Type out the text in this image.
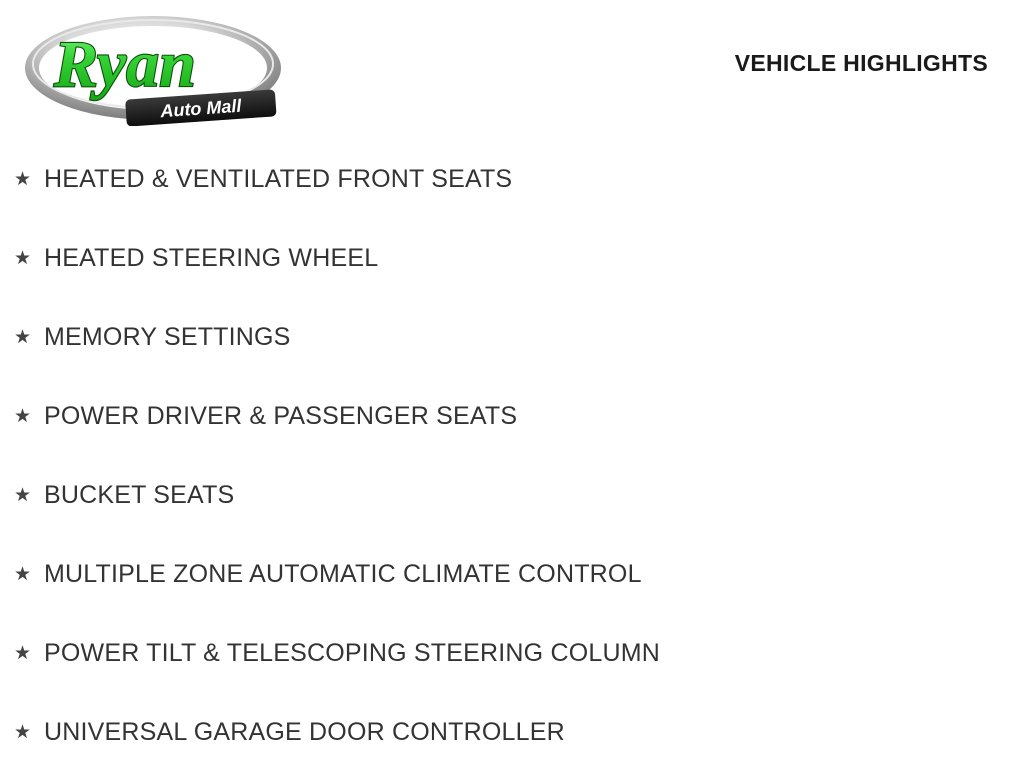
Ryan
Auto Mall
VEHICLE HIGHLIGHTS
★ HEATED & VENTILATED FRONT SEATS
★ HEATED STEERING WHEEL
★ MEMORY SETTINGS
★ POWER DRIVER & PASSENGER SEATS
★ BUCKET SEATS
★ MULTIPLE ZONE AUTOMATIC CLIMATE CONTROL
★ POWER TILT & TELESCOPING STEERING COLUMN
★ UNIVERSAL GARAGE DOOR CONTROLLER
